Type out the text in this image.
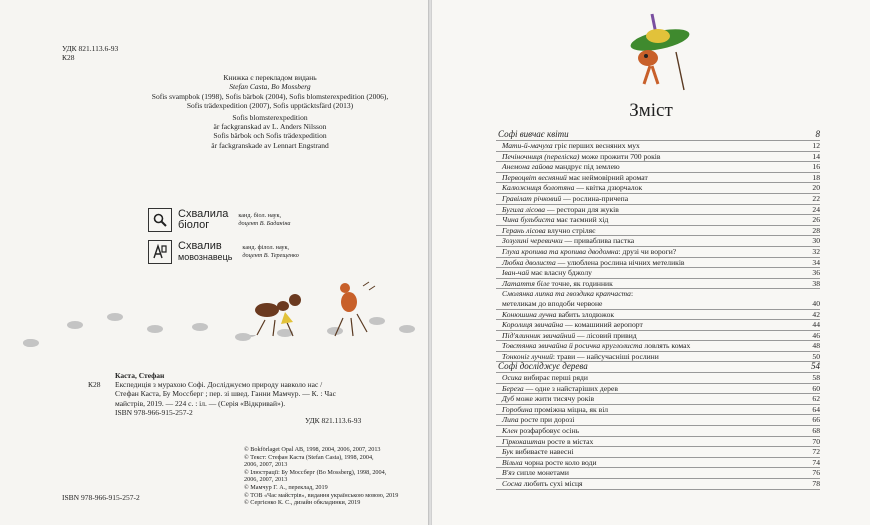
УДК 821.113.6-93
К28
Книжка є перекладом видань
Stefan Casta, Bo Mossberg
Sofis svampbok (1998), Sofis bärbok (2004), Sofis blomsterexpedition (2006),
Sofis trädexpedition (2007), Sofis upptäcktsfärd (2013)
Sofis blomsterexpedition
är fackgranskad av L. Anders Nilsson
Sofis bärbok och Sofis trädexpedition
är fackgranskade av Lennart Engstrand
Схвалила
біолог
канд. біол. наук,
доцент В. Баданіна
Схвалив
мовознавець
канд. філол. наук,
доцент В. Терещенко
Каста, Стефан
К28 Експедиція з мурахою Софі. Досліджуємо природу навколо нас /
Стефан Каста, Бу Моссберг ; пер. зі швед. Ганни Мамчур. — К. : Час
майстрів, 2019. — 224 с. : іл. — (Серія «Відкривай»).
ISBN 978-966-915-257-2
УДК 821.113.6-93
© Bokförlaget Opal AB, 1998, 2004, 2006, 2007, 2013
© Текст: Стефан Каста (Stefan Casta), 1998, 2004,
2006, 2007, 2013
© Ілюстрації: Бу Моссберг (Bo Mossberg), 1998, 2004,
2006, 2007, 2013
© Мамчур Г. А., переклад, 2019
© ТОВ «Час майстрів», видання українською мовою, 2019
© Сергієнко К. С., дизайн обкладинки, 2019
ISBN 978-966-915-257-2
Зміст
Софі вивчає квіти	8
Мати-й-мачуха гріє перших весняних мух	12
Печіночниця (переліска) може прожити 700 років	14
Анемона гайова мандрує під землею	16
Первоцвіт весняний має неймовірний аромат	18
Калюжниця болотяна — квітка дзюрчалок	20
Гравілат річковий — рослина-причепа	22
Бугила лісова — ресторан для жуків	24
Чина бульбиста має таємний хід	26
Герань лісова влучно стріляє	28
Зозулині черевички — приваблива пастка	30
Глуха кропива та кропива дводомна: друзі чи вороги?	32
Любка дволиста — улюблена рослина нічних метеликів	34
Іван-чай має власну бджолу	36
Латаття біле точне, як годинник	38
Смолянка липка та гвоздика крапчаста:
метеликам до вподоби червоне	40
Конюшина лучна вабить злодюжок	42
Королиця звичайна — комашиний аеропорт	44
Під'ялинник звичайний — лісовий привид	46
Товстянка звичайна й росичка круглолиста ловлять комах	48
Тонконіг лучний: трави — найсучасніші рослини	50
Софі досліджує дерева	54
Осика вибирає перші ряди	58
Береза — одне з найстаріших дерев	60
Дуб може жити тисячу років	62
Горобина проміжна міцна, як віл	64
Липа росте при дорозі	66
Клен розфарбовує осінь	68
Гіркокаштан росте в містах	70
Бук вибиваєте навесні	72
Вільха чорна росте коло води	74
В'яз сипле монетами	76
Сосна любить сухі місця	78
